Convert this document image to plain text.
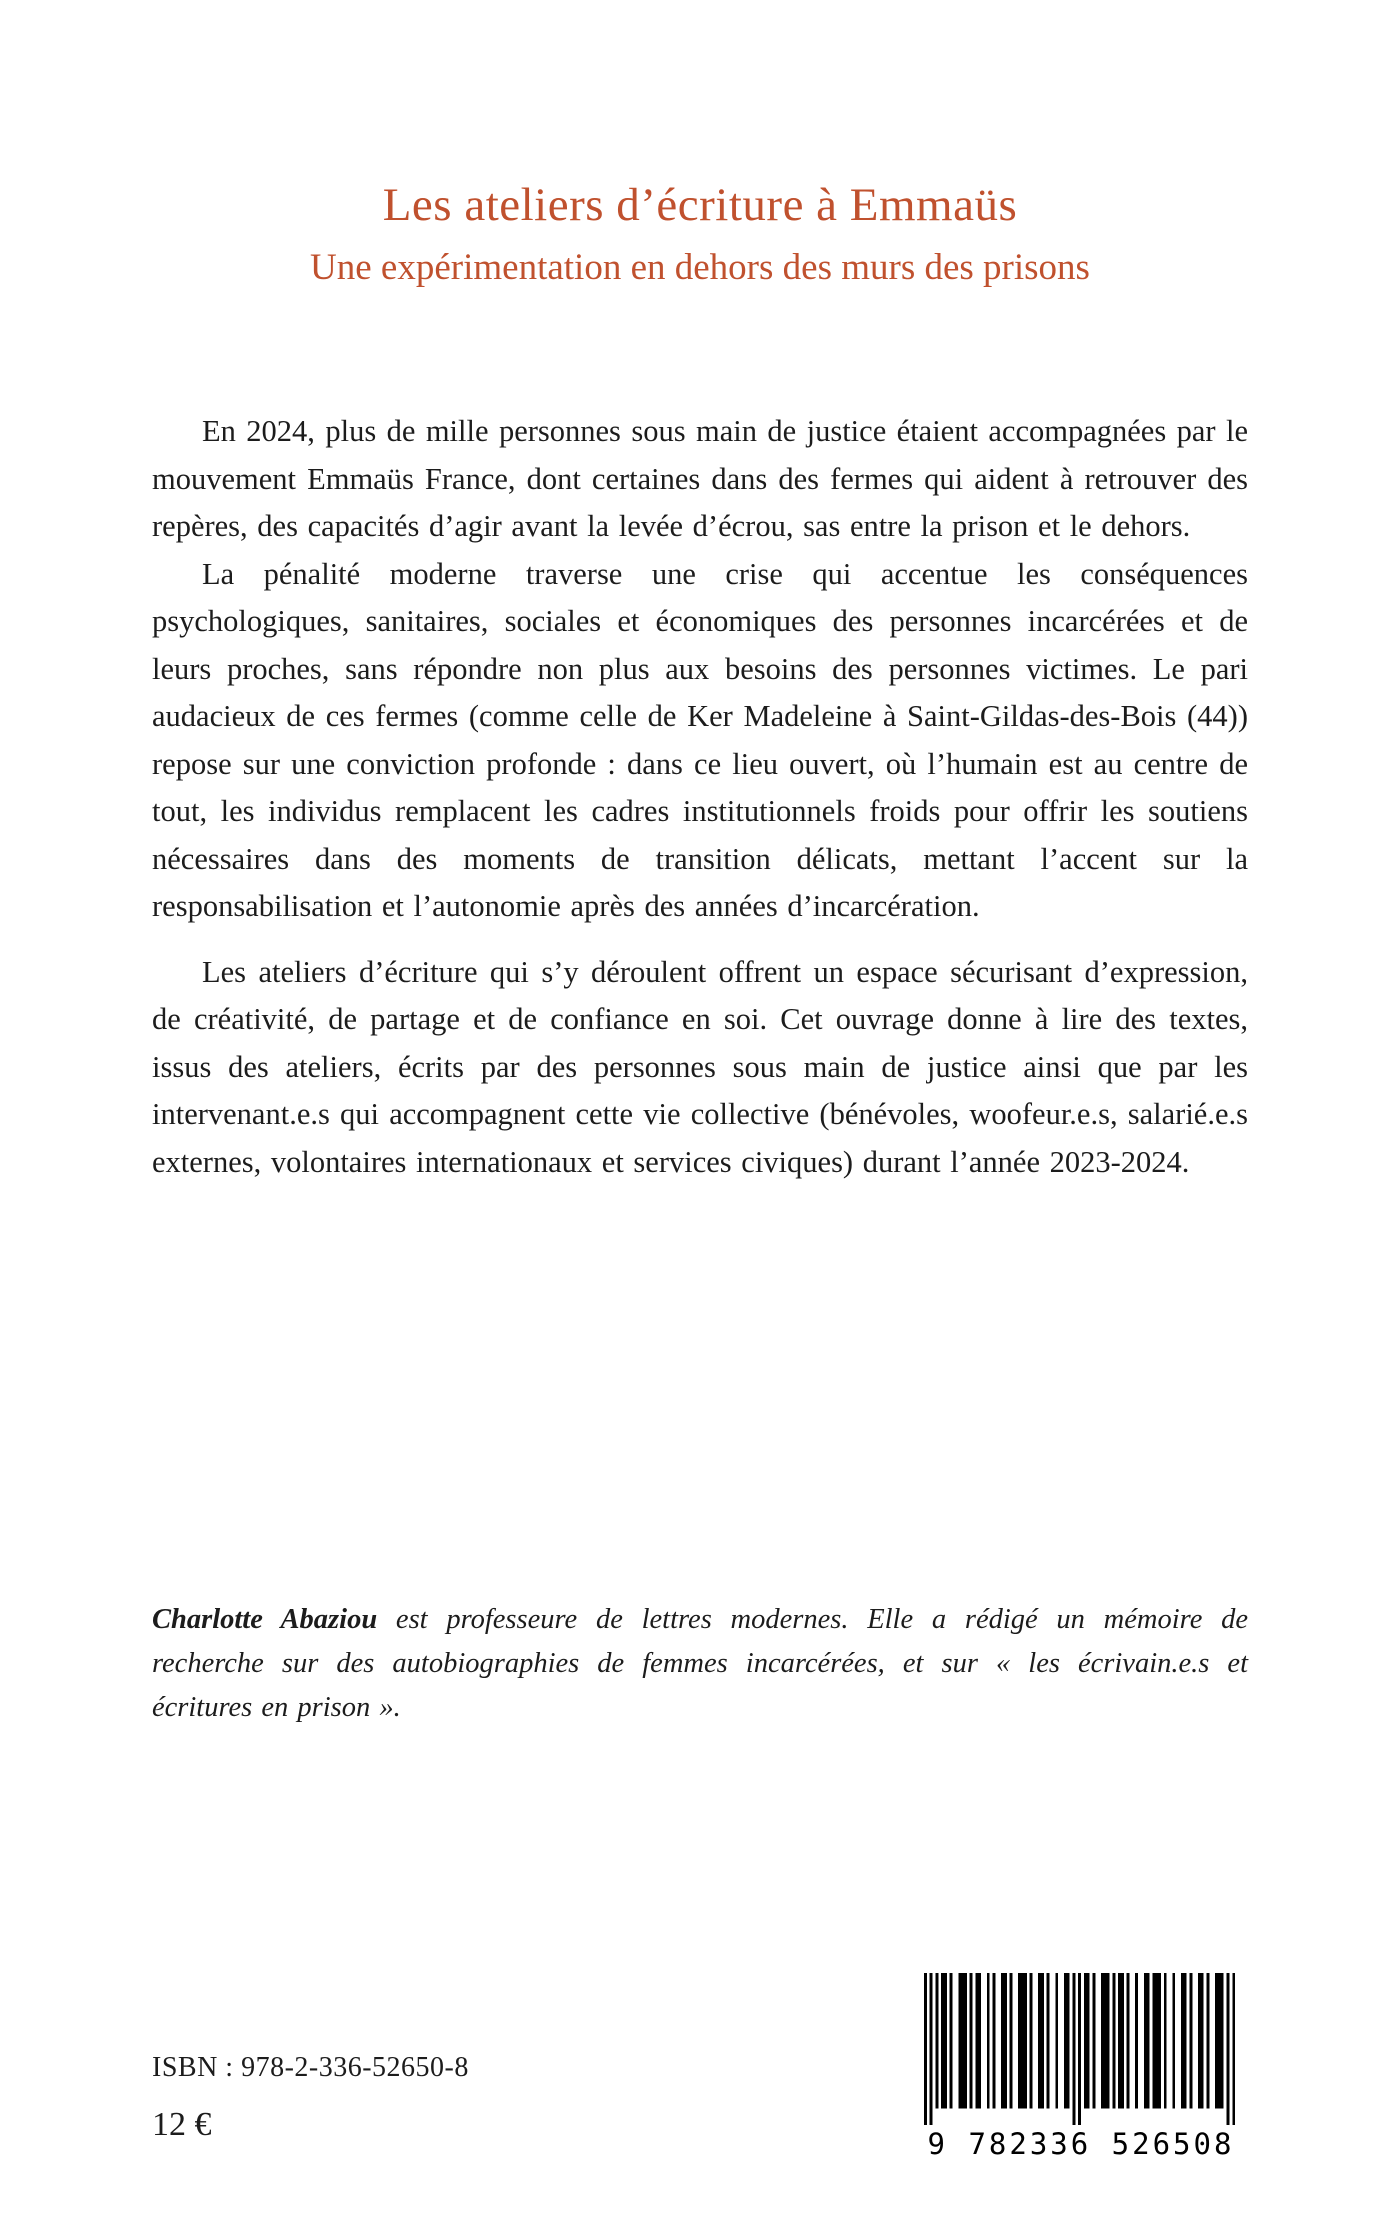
Les ateliers d’écriture à Emmaüs
Une expérimentation en dehors des murs des prisons

En 2024, plus de mille personnes sous main de justice étaient accompagnées par le mouvement Emmaüs France, dont certaines dans des fermes qui aident à retrouver des repères, des capacités d’agir avant la levée d’écrou, sas entre la prison et le dehors.

La pénalité moderne traverse une crise qui accentue les conséquences psychologiques, sanitaires, sociales et économiques des personnes incarcérées et de leurs proches, sans répondre non plus aux besoins des personnes victimes. Le pari audacieux de ces fermes (comme celle de Ker Madeleine à Saint-Gildas-des-Bois (44)) repose sur une conviction profonde : dans ce lieu ouvert, où l’humain est au centre de tout, les individus remplacent les cadres institutionnels froids pour offrir les soutiens nécessaires dans des moments de transition délicats, mettant l’accent sur la responsabilisation et l’autonomie après des années d’incarcération.

Les ateliers d’écriture qui s’y déroulent offrent un espace sécurisant d’expression, de créativité, de partage et de confiance en soi. Cet ouvrage donne à lire des textes, issus des ateliers, écrits par des personnes sous main de justice ainsi que par les intervenant.e.s qui accompagnent cette vie collective (bénévoles, woofeur.e.s, salarié.e.s externes, volontaires internationaux et services civiques) durant l’année 2023-2024.

Charlotte Abaziou est professeure de lettres modernes. Elle a rédigé un mémoire de recherche sur des autobiographies de femmes incarcérées, et sur « les écrivain.e.s et écritures en prison ».
ISBN : 978-2-336-52650-8
12 €
9 782336 526508
